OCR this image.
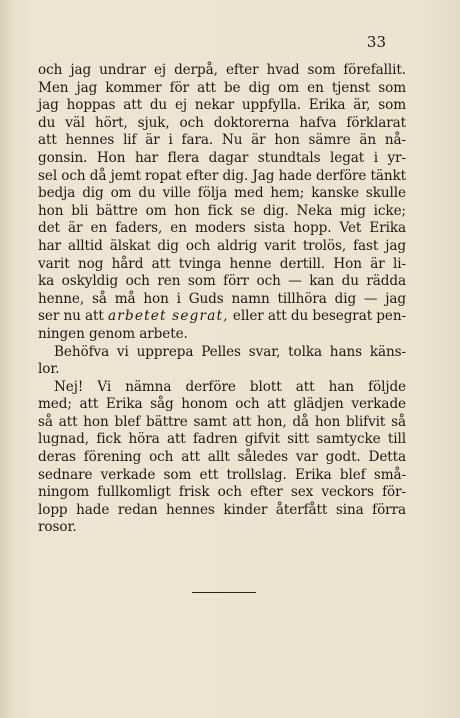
33
och jag undrar ej derpå, efter hvad som förefallit.
Men jag kommer för att be dig om en tjenst som
jag hoppas att du ej nekar uppfylla. Erika är, som
du väl hört, sjuk, och doktorerna hafva förklarat
att hennes lif är i fara. Nu är hon sämre än nå-
gonsin. Hon har flera dagar stundtals legat i yr-
sel och då jemt ropat efter dig. Jag hade derföre tänkt
bedja dig om du ville följa med hem; kanske skulle
hon bli bättre om hon fick se dig. Neka mig icke;
det är en faders, en moders sista hopp. Vet Erika
har alltid älskat dig och aldrig varit trolös, fast jag
varit nog hård att tvinga henne dertill. Hon är li-
ka oskyldig och ren som förr och — kan du rädda
henne, så må hon i Guds namn tillhöra dig — jag
ser nu att arbetet segrat, eller att du besegrat pen-
ningen genom arbete.
Behöfva vi upprepa Pelles svar, tolka hans käns-
lor.
Nej! Vi nämna derföre blott att han följde
med; att Erika såg honom och att glädjen verkade
så att hon blef bättre samt att hon, då hon blifvit så
lugnad, fick höra att fadren gifvit sitt samtycke till
deras förening och att allt således var godt. Detta
sednare verkade som ett trollslag. Erika blef små-
ningom fullkomligt frisk och efter sex veckors för-
lopp hade redan hennes kinder återfått sina förra
rosor.
